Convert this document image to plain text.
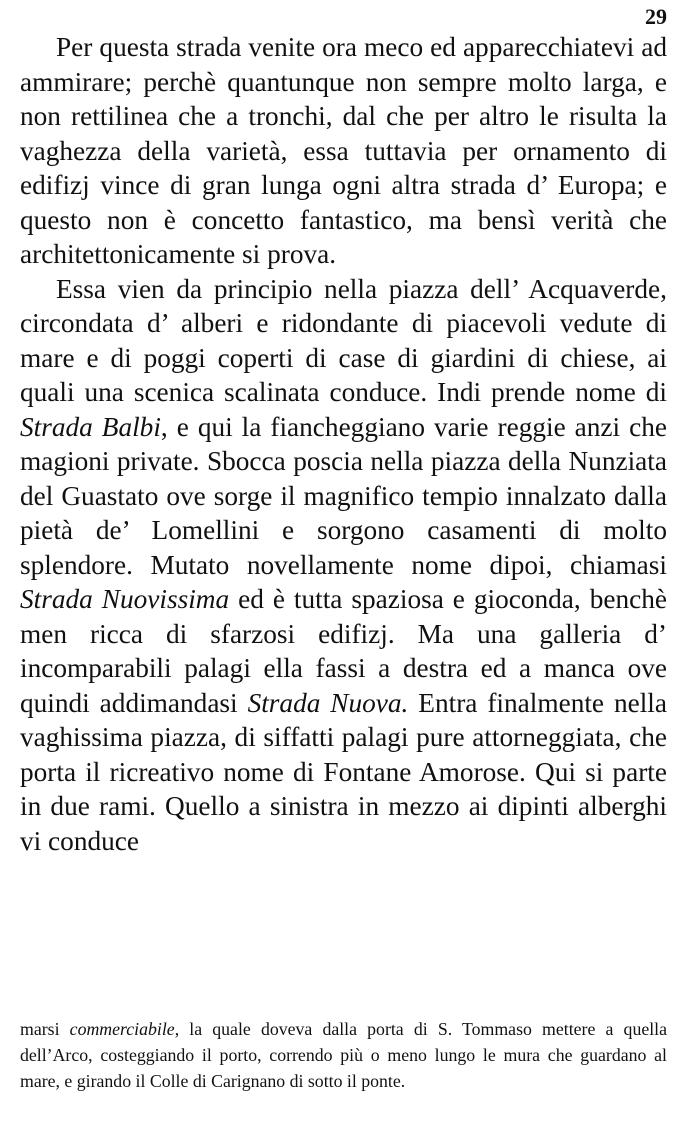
29

Per questa strada venite ora meco ed apparecchiatevi ad ammirare; perchè quantunque non sempre molto larga, e non rettilinea che a tronchi, dal che per altro le risulta la vaghezza della varietà, essa tuttavia per ornamento di edifizj vince di gran lunga ogni altra strada d’ Europa; e questo non è concetto fantastico, ma bensì verità che architettonicamente si prova.

Essa vien da principio nella piazza dell’ Acquaverde, circondata d’ alberi e ridondante di piacevoli vedute di mare e di poggi coperti di case di giardini di chiese, ai quali una scenica scalinata conduce. Indi prende nome di Strada Balbi, e qui la fiancheggiano varie reggie anzi che magioni private. Sbocca poscia nella piazza della Nunziata del Guastato ove sorge il magnifico tempio innalzato dalla pietà de’ Lomellini e sorgono casamenti di molto splendore. Mutato novellamente nome dipoi, chiamasi Strada Nuovissima ed è tutta spaziosa e gioconda, benchè men ricca di sfarzosi edifizj. Ma una galleria d’ incomparabili palagi ella fassi a destra ed a manca ove quindi addimandasi Strada Nuova. Entra finalmente nella vaghissima piazza, di siffatti palagi pure attorneggiata, che porta il ricreativo nome di Fontane Amorose. Qui si parte in due rami. Quello a sinistra in mezzo ai dipinti alberghi vi conduce

marsi commerciabile, la quale doveva dalla porta di S. Tommaso mettere a quella dell’Arco, costeggiando il porto, correndo più o meno lungo le mura che guardano al mare, e girando il Colle di Carignano di sotto il ponte.
